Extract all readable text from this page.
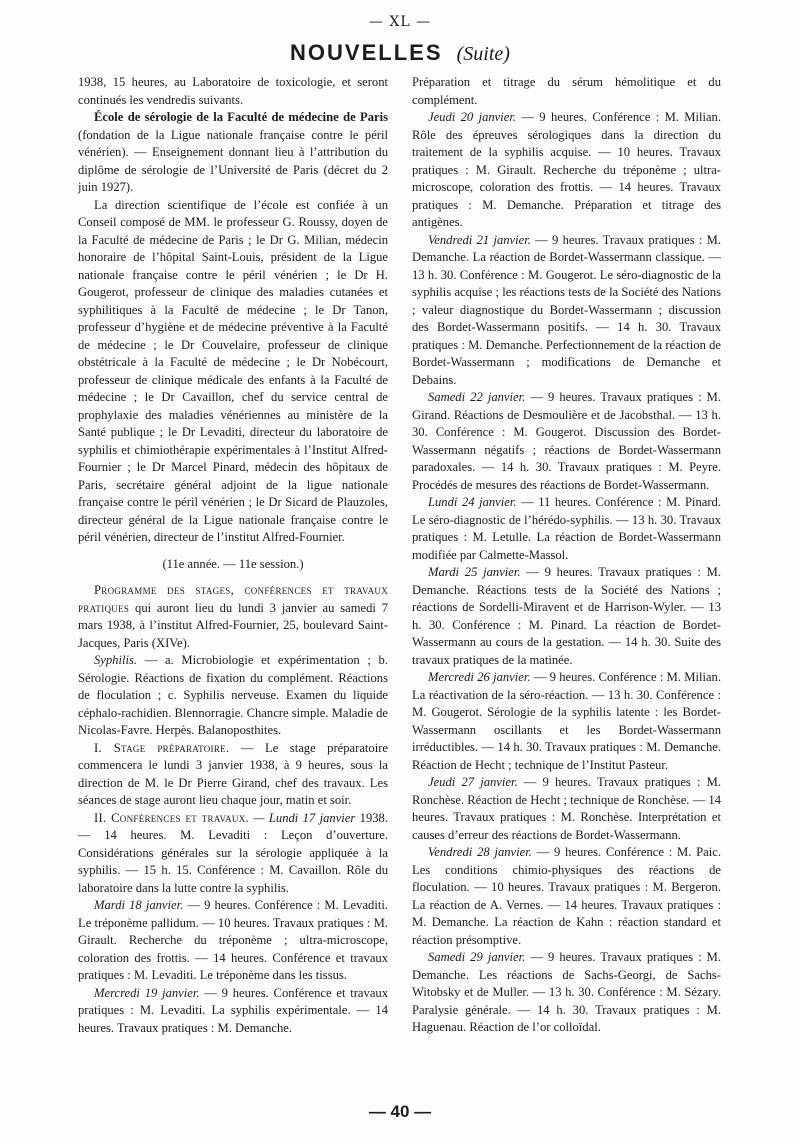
— XL —
NOUVELLES (Suite)

1938, 15 heures, au Laboratoire de toxicologie, et seront continués les vendredis suivants.

École de sérologie de la Faculté de médecine de Paris (fondation de la Ligue nationale française contre le péril vénérien). — Enseignement donnant lieu à l’attribution du diplôme de sérologie de l’Université de Paris (décret du 2 juin 1927).

La direction scientifique de l’école est confiée à un Conseil composé de MM. le professeur G. Roussy, doyen de la Faculté de médecine de Paris ; le Dr G. Milian, médecin honoraire de l’hôpital Saint-Louis, président de la Ligue nationale française contre le péril vénérien ; le Dr H. Gougerot, professeur de clinique des maladies cutanées et syphilitiques à la Faculté de médecine ; le Dr Tanon, professeur d’hygiène et de médecine préventive à la Faculté de médecine ; le Dr Couvelaire, professeur de clinique obstétricale à la Faculté de médecine ; le Dr Nobécourt, professeur de clinique médicale des enfants à la Faculté de médecine ; le Dr Cavaillon, chef du service central de prophylaxie des maladies vénériennes au ministère de la Santé publique ; le Dr Levaditi, directeur du laboratoire de syphilis et chimiothérapie expérimentales à l’Institut Alfred-Fournier ; le Dr Marcel Pinard, médecin des hôpitaux de Paris, secrétaire général adjoint de la ligue nationale française contre le péril vénérien ; le Dr Sicard de Plauzoles, directeur général de la Ligue nationale française contre le péril vénérien, directeur de l’institut Alfred-Fournier.

(11e année. — 11e session.)

Programme des stages, conférences et travaux pratiques qui auront lieu du lundi 3 janvier au samedi 7 mars 1938, à l’institut Alfred-Fournier, 25, boulevard Saint-Jacques, Paris (XIVe).

Syphilis. — a. Microbiologie et expérimentation ; b. Sérologie. Réactions de fixation du complément. Réactions de floculation ; c. Syphilis nerveuse. Examen du liquide céphalo-rachidien. Blennorragie. Chancre simple. Maladie de Nicolas-Favre. Herpès. Balanoposthites.

I. Stage préparatoire. — Le stage préparatoire commencera le lundi 3 janvier 1938, à 9 heures, sous la direction de M. le Dr Pierre Girand, chef des travaux. Les séances de stage auront lieu chaque jour, matin et soir.

II. Conférences et travaux. — Lundi 17 janvier 1938. — 14 heures. M. Levaditi : Leçon d’ouverture. Considérations générales sur la sérologie appliquée à la syphilis. — 15 h. 15. Conférence : M. Cavaillon. Rôle du laboratoire dans la lutte contre la syphilis.

Mardi 18 janvier. — 9 heures. Conférence : M. Levaditi. Le tréponème pallidum. — 10 heures. Travaux pratiques : M. Girault. Recherche du tréponème ; ultra-microscope, coloration des frottis. — 14 heures. Conférence et travaux pratiques : M. Levaditi. Le tréponème dans les tissus.

Mercredi 19 janvier. — 9 heures. Conférence et travaux pratiques : M. Levaditi. La syphilis expérimentale. — 14 heures. Travaux pratiques : M. Demanche.

Préparation et titrage du sérum hémolitique et du complément.

Jeudi 20 janvier. — 9 heures. Conférence : M. Milian. Rôle des épreuves sérologiques dans la direction du traitement de la syphilis acquise. — 10 heures. Travaux pratiques : M. Girault. Recherche du tréponème ; ultra-microscope, coloration des frottis. — 14 heures. Travaux pratiques : M. Demanche. Préparation et titrage des antigènes.

Vendredi 21 janvier. — 9 heures. Travaux pratiques : M. Demanche. La réaction de Bordet-Wassermann classique. — 13 h. 30. Conférence : M. Gougerot. Le séro-diagnostic de la syphilis acquise ; les réactions tests de la Société des Nations ; valeur diagnostique du Bordet-Wassermann ; discussion des Bordet-Wassermann positifs. — 14 h. 30. Travaux pratiques : M. Demanche. Perfectionnement de la réaction de Bordet-Wassermann ; modifications de Demanche et Debains.

Samedi 22 janvier. — 9 heures. Travaux pratiques : M. Girand. Réactions de Desmoulière et de Jacobsthal. — 13 h. 30. Conférence : M. Gougerot. Discussion des Bordet-Wassermann négatifs ; réactions de Bordet-Wassermann paradoxales. — 14 h. 30. Travaux pratiques : M. Peyre. Procédés de mesures des réactions de Bordet-Wassermann.

Lundi 24 janvier. — 11 heures. Conférence : M. Pinard. Le séro-diagnostic de l’hérédo-syphilis. — 13 h. 30. Travaux pratiques : M. Letulle. La réaction de Bordet-Wassermann modifiée par Calmette-Massol.

Mardi 25 janvier. — 9 heures. Travaux pratiques : M. Demanche. Réactions tests de la Société des Nations ; réactions de Sordelli-Miravent et de Harrison-Wyler. — 13 h. 30. Conférence : M. Pinard. La réaction de Bordet-Wassermann au cours de la gestation. — 14 h. 30. Suite des travaux pratiques de la matinée.

Mercredi 26 janvier. — 9 heures. Conférence : M. Milian. La réactivation de la séro-réaction. — 13 h. 30. Conférence : M. Gougerot. Sérologie de la syphilis latente : les Bordet-Wassermann oscillants et les Bordet-Wassermann irréductibles. — 14 h. 30. Travaux pratiques : M. Demanche. Réaction de Hecht ; technique de l’Institut Pasteur.

Jeudi 27 janvier. — 9 heures. Travaux pratiques : M. Ronchèse. Réaction de Hecht ; technique de Ronchèse. — 14 heures. Travaux pratiques : M. Ronchèse. Interprétation et causes d’erreur des réactions de Bordet-Wassermann.

Vendredi 28 janvier. — 9 heures. Conférence : M. Paic. Les conditions chimio-physiques des réactions de floculation. — 10 heures. Travaux pratiques : M. Bergeron. La réaction de A. Vernes. — 14 heures. Travaux pratiques : M. Demanche. La réaction de Kahn : réaction standard et réaction présomptive.

Samedi 29 janvier. — 9 heures. Travaux pratiques : M. Demanche. Les réactions de Sachs-Georgi, de Sachs-Witobsky et de Muller. — 13 h. 30. Conférence : M. Sézary. Paralysie générale. — 14 h. 30. Travaux pratiques : M. Haguenau. Réaction de l’or colloïdal.

— 40 —
